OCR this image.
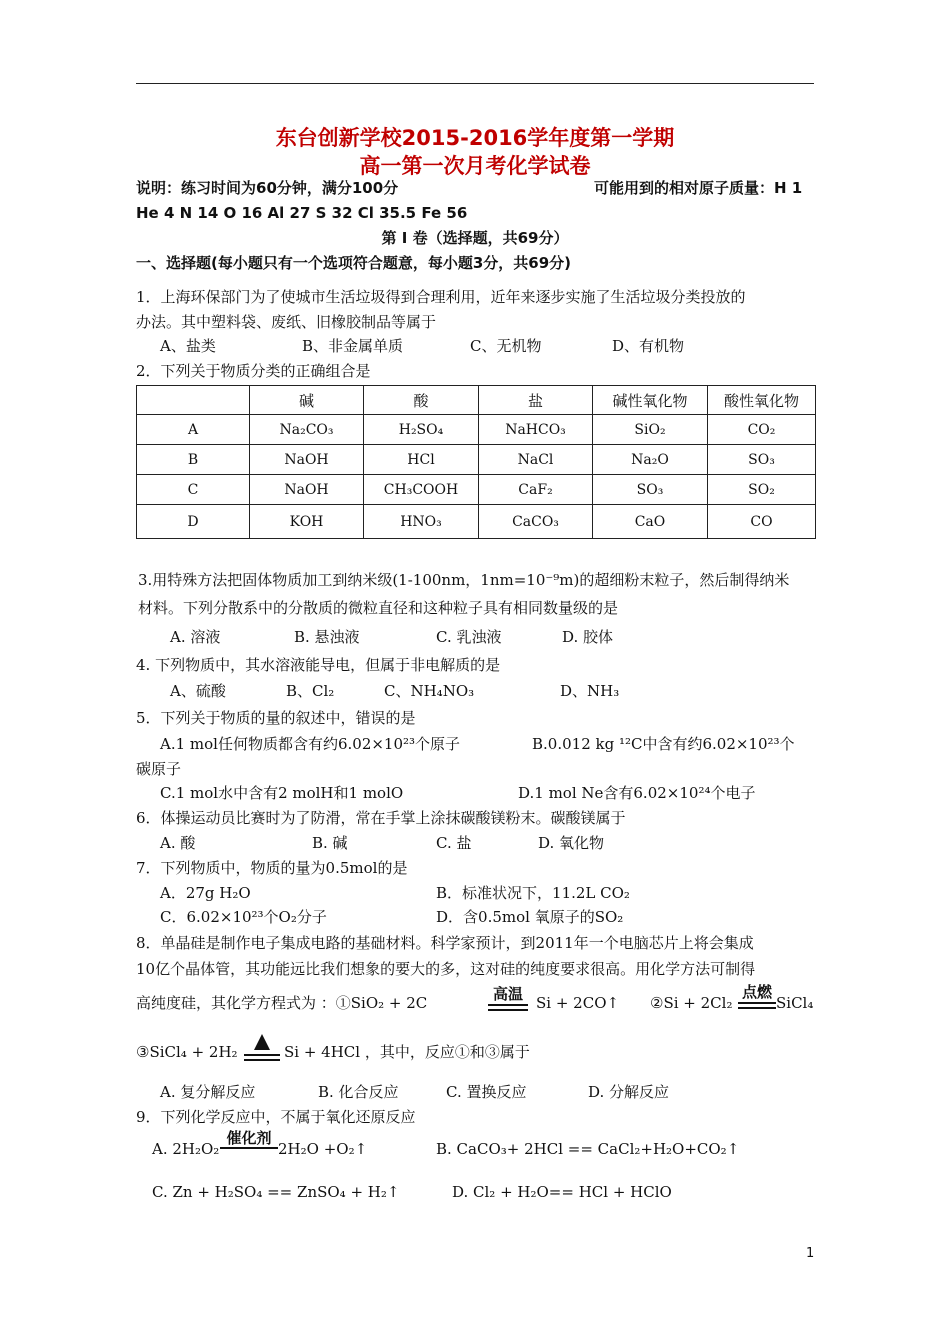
东台创新学校2015-2016学年度第一学期
高一第一次月考化学试卷
说明：练习时间为60分钟，满分100分	可能用到的相对原子质量：H 1
He 4 N 14 O 16 Al 27 S 32 Cl 35.5 Fe 56
第 Ⅰ 卷（选择题，共69分）
一、选择题(每小题只有一个选项符合题意，每小题3分，共69分)
1．上海环保部门为了使城市生活垃圾得到合理利用，近年来逐步实施了生活垃圾分类投放的
办法。其中塑料袋、废纸、旧橡胶制品等属于
A、盐类	B、非金属单质	C、无机物	D、有机物
2．下列关于物质分类的正确组合是
	碱	酸	盐	碱性氧化物	酸性氧化物
A	Na₂CO₃	H₂SO₄	NaHCO₃	SiO₂	CO₂
B	NaOH	HCl	NaCl	Na₂O	SO₃
C	NaOH	CH₃COOH	CaF₂	SO₃	SO₂
D	KOH	HNO₃	CaCO₃	CaO	CO
3.用特殊方法把固体物质加工到纳米级(1-100nm，1nm=10⁻⁹m)的超细粉末粒子，然后制得纳米
材料。下列分散系中的分散质的微粒直径和这种粒子具有相同数量级的是
A. 溶液	B. 悬浊液	C. 乳浊液	D. 胶体
4. 下列物质中，其水溶液能导电，但属于非电解质的是
A、硫酸	B、Cl₂	C、NH₄NO₃	D、NH₃
5．下列关于物质的量的叙述中，错误的是
A.1 mol任何物质都含有约6.02×10²³个原子	B.0.012 kg ¹²C中含有约6.02×10²³个
碳原子
C.1 mol水中含有2 molH和1 molO	D.1 mol Ne含有6.02×10²⁴个电子
6．体操运动员比赛时为了防滑，常在手掌上涂抹碳酸镁粉末。碳酸镁属于
A. 酸	B. 碱	C. 盐	D. 氧化物
7．下列物质中，物质的量为0.5mol的是
A．27g H₂O	B．标准状况下，11.2L CO₂
C．6.02×10²³个O₂分子	D．含0.5mol 氧原子的SO₂
8．单晶硅是制作电子集成电路的基础材料。科学家预计，到2011年一个电脑芯片上将会集成
10亿个晶体管，其功能远比我们想象的要大的多，这对硅的纯度要求很高。用化学方法可制得
高纯度硅，其化学方程式为 ：①SiO₂ + 2C	高温 Si + 2CO↑ ②Si + 2Cl₂
点燃
SiCl₄
③SiCl₄ + 2H₂	Si + 4HCl ，其中，反应①和③属于
A. 复分解反应	B. 化合反应	C. 置换反应	D. 分解反应
9．下列化学反应中，不属于氧化还原反应
A. 2H₂O₂
催化剂
2H₂O +O₂↑	B. CaCO₃+ 2HCl == CaCl₂+H₂O+CO₂↑
C. Zn + H₂SO₄ == ZnSO₄ + H₂↑	D. Cl₂ + H₂O== HCl + HClO
1
